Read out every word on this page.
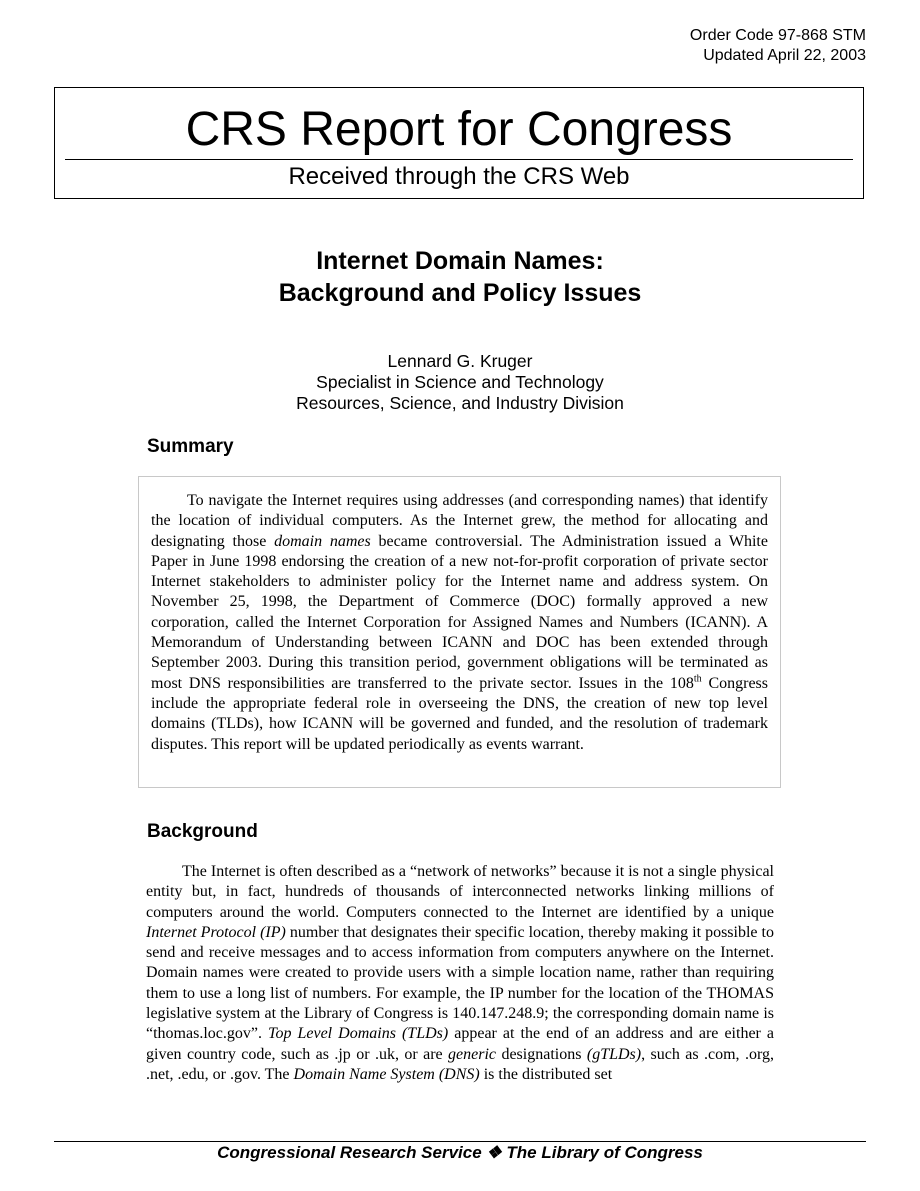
Order Code 97-868 STM
Updated April 22, 2003
CRS Report for Congress
Received through the CRS Web
Internet Domain Names:
Background and Policy Issues
Lennard G. Kruger
Specialist in Science and Technology
Resources, Science, and Industry Division
Summary

To navigate the Internet requires using addresses (and corresponding names) that identify the location of individual computers. As the Internet grew, the method for allocating and designating those domain names became controversial. The Administration issued a White Paper in June 1998 endorsing the creation of a new not-for-profit corporation of private sector Internet stakeholders to administer policy for the Internet name and address system. On November 25, 1998, the Department of Commerce (DOC) formally approved a new corporation, called the Internet Corporation for Assigned Names and Numbers (ICANN). A Memorandum of Understanding between ICANN and DOC has been extended through September 2003. During this transition period, government obligations will be terminated as most DNS responsibilities are transferred to the private sector. Issues in the 108th Congress include the appropriate federal role in overseeing the DNS, the creation of new top level domains (TLDs), how ICANN will be governed and funded, and the resolution of trademark disputes. This report will be updated periodically as events warrant.

Background

The Internet is often described as a “network of networks” because it is not a single physical entity but, in fact, hundreds of thousands of interconnected networks linking millions of computers around the world. Computers connected to the Internet are identified by a unique Internet Protocol (IP) number that designates their specific location, thereby making it possible to send and receive messages and to access information from computers anywhere on the Internet. Domain names were created to provide users with a simple location name, rather than requiring them to use a long list of numbers. For example, the IP number for the location of the THOMAS legislative system at the Library of Congress is 140.147.248.9; the corresponding domain name is “thomas.loc.gov”. Top Level Domains (TLDs) appear at the end of an address and are either a given country code, such as .jp or .uk, or are generic designations (gTLDs), such as .com, .org, .net, .edu, or .gov. The Domain Name System (DNS) is the distributed set

Congressional Research Service ❖ The Library of Congress
